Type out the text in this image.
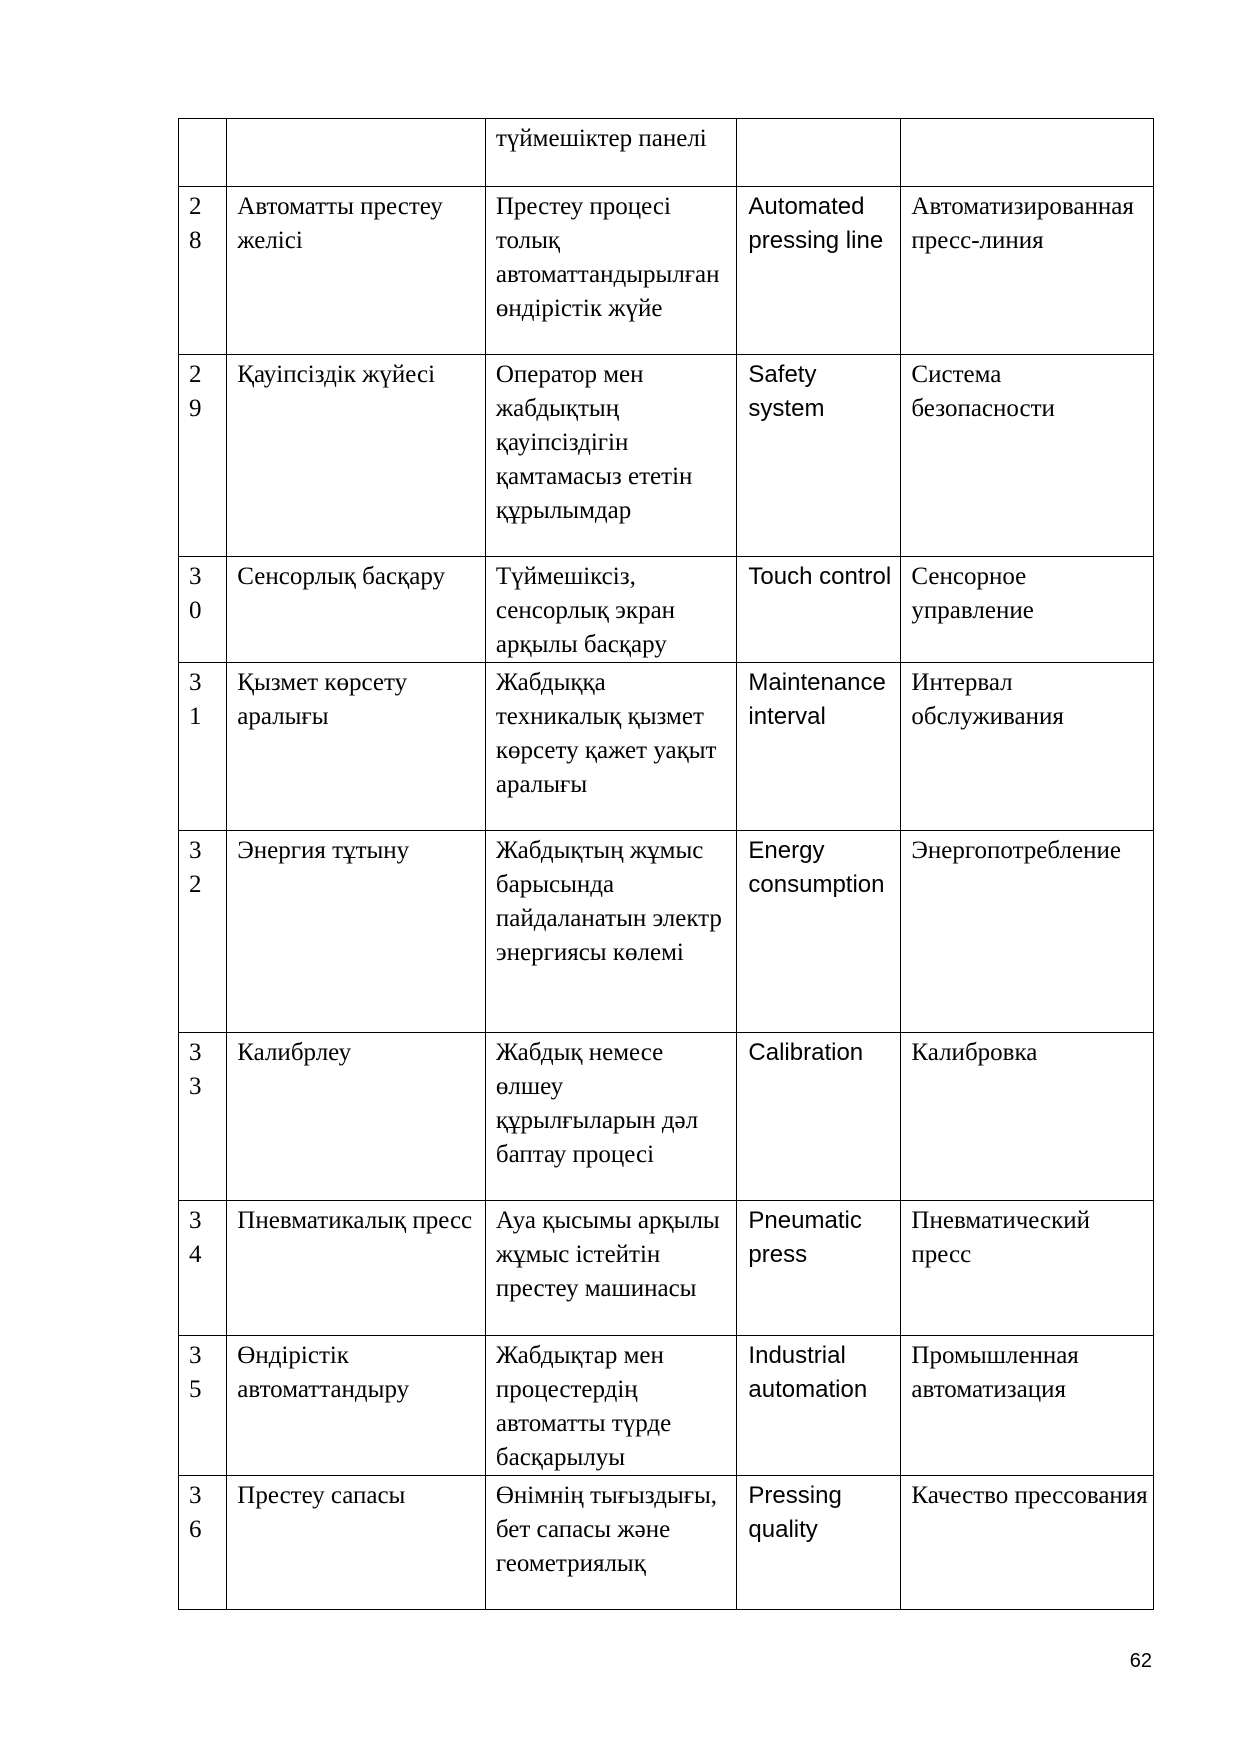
		түймешіктер панелі		

28	Автоматты престеу желісі	Престеу процесі толық автоматтандырылған өндірістік жүйе	Automated pressing line	Автоматизированная пресс-линия

29	Қауіпсіздік жүйесі	Оператор мен жабдықтың қауіпсіздігін қамтамасыз ететін құрылымдар	Safety system	Система безопасности

30	Сенсорлық басқару	Түймешіксіз, сенсорлық экран арқылы басқару	Touch control	Сенсорное управление

31	Қызмет көрсету аралығы	Жабдыққа техникалық қызмет көрсету қажет уақыт аралығы	Maintenance interval	Интервал обслуживания

32	Энергия тұтыну	Жабдықтың жұмыс барысында пайдаланатын электр энергиясы көлемі	Energy consumption	Энергопотребление

33	Калибрлеу	Жабдық немесе өлшеу құрылғыларын дәл баптау процесі	Calibration	Калибровка

34	Пневматикалық пресс	Ауа қысымы арқылы жұмыс істейтін престеу машинасы	Pneumatic press	Пневматический пресс

35	Өндірістік автоматтандыру	Жабдықтар мен процестердің автоматты түрде басқарылуы	Industrial automation	Промышленная автоматизация

36	Престеу сапасы	Өнімнің тығыздығы, бет сапасы және геометриялық	Pressing quality	Качество прессования
62
